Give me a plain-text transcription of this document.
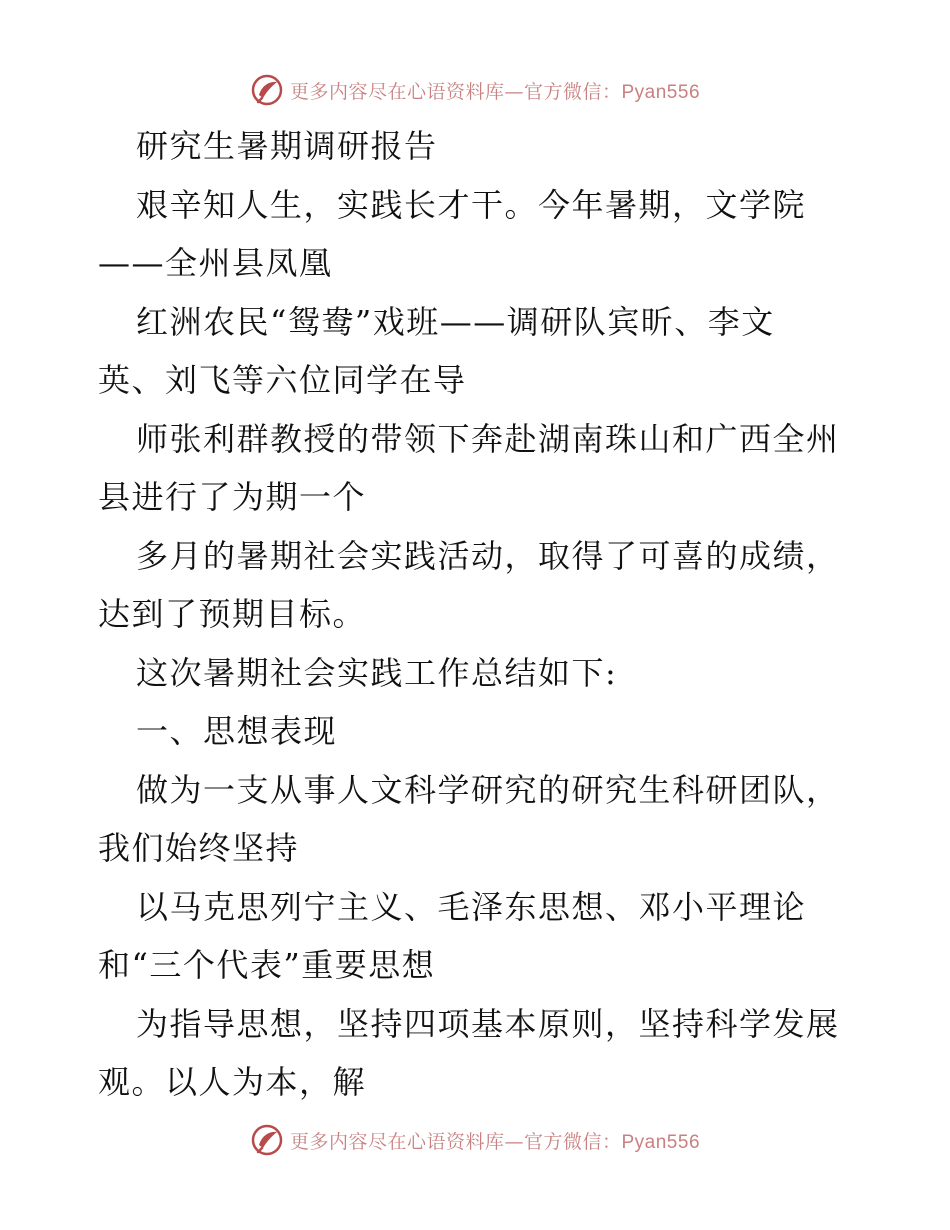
更多内容尽在心语资料库—官方微信：Pyan556
研究生暑期调研报告
艰辛知人生，实践长才干。今年暑期，文学院
——全州县凤凰
红洲农民“鸳鸯”戏班——调研队宾昕、李文
英、刘飞等六位同学在导
师张利群教授的带领下奔赴湖南珠山和广西全州
县进行了为期一个
多月的暑期社会实践活动，取得了可喜的成绩，
达到了预期目标。
这次暑期社会实践工作总结如下:
一、思想表现
做为一支从事人文科学研究的研究生科研团队，
我们始终坚持
以马克思列宁主义、毛泽东思想、邓小平理论
和“三个代表”重要思想
为指导思想，坚持四项基本原则，坚持科学发展
观。以人为本，解
更多内容尽在心语资料库—官方微信：Pyan556
